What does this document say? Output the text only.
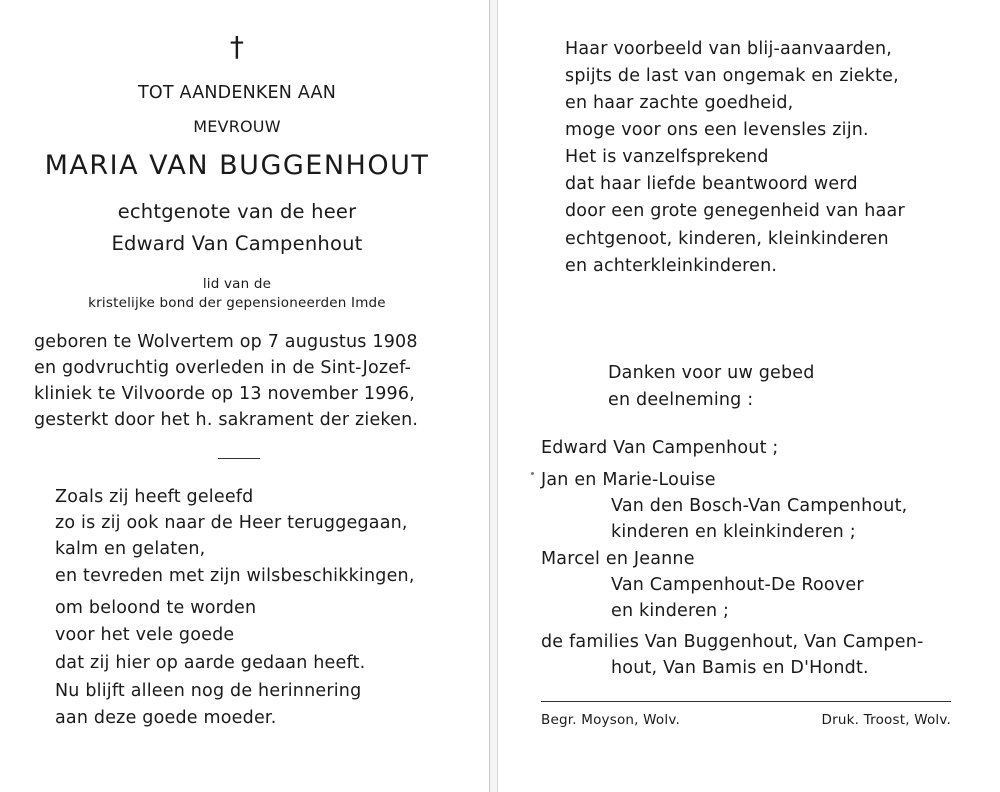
†
TOT AANDENKEN AAN
MEVROUW
MARIA VAN BUGGENHOUT
echtgenote van de heer
Edward Van Campenhout
lid van de
kristelijke bond der gepensioneerden Imde
geboren te Wolvertem op 7 augustus 1908
en godvruchtig overleden in de Sint-Jozef-
kliniek te Vilvoorde op 13 november 1996,
gesterkt door het h. sakrament der zieken.
Zoals zij heeft geleefd
zo is zij ook naar de Heer teruggegaan,
kalm en gelaten,
en tevreden met zijn wilsbeschikkingen,
om beloond te worden
voor het vele goede
dat zij hier op aarde gedaan heeft.
Nu blijft alleen nog de herinnering
aan deze goede moeder.
Haar voorbeeld van blij-aanvaarden,
spijts de last van ongemak en ziekte,
en haar zachte goedheid,
moge voor ons een levensles zijn.
Het is vanzelfsprekend
dat haar liefde beantwoord werd
door een grote genegenheid van haar
echtgenoot, kinderen, kleinkinderen
en achterkleinkinderen.
Danken voor uw gebed
en deelneming :
Edward Van Campenhout ;
Jan en Marie-Louise
Van den Bosch-Van Campenhout,
kinderen en kleinkinderen ;
Marcel en Jeanne
Van Campenhout-De Roover
en kinderen ;
de families Van Buggenhout, Van Campen-
hout, Van Bamis en D'Hondt.
Begr. Moyson, Wolv.	Druk. Troost, Wolv.
